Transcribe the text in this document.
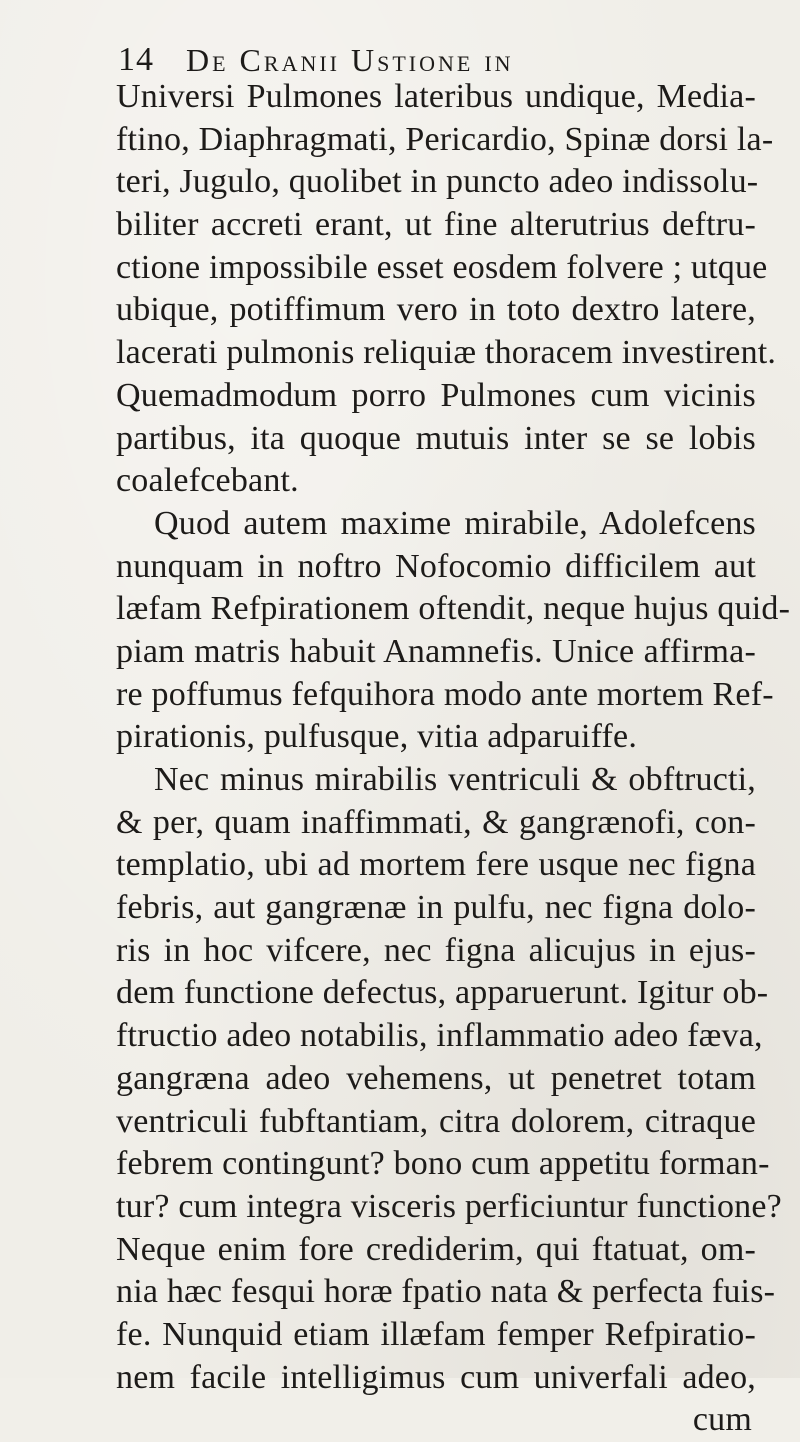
14 De Cranii Ustione in
Universi Pulmones lateribus undique, Media-
ftino, Diaphragmati, Pericardio, Spinæ dorsi la-
teri, Jugulo, quolibet in puncto adeo indissolu-
biliter accreti erant, ut fine alterutrius deftru-
ctione impossibile esset eosdem folvere ; utque
ubique, potiffimum vero in toto dextro latere,
lacerati pulmonis reliquiæ thoracem investirent.
Quemadmodum porro Pulmones cum vicinis
partibus, ita quoque mutuis inter se se lobis
coalefcebant.
Quod autem maxime mirabile, Adolefcens
nunquam in noftro Nofocomio difficilem aut
læfam Refpirationem oftendit, neque hujus quid-
piam matris habuit Anamnefis. Unice affirma-
re poffumus fefquihora modo ante mortem Ref-
pirationis, pulfusque, vitia adparuiffe.
Nec minus mirabilis ventriculi & obftructi,
& per, quam inaffimmati, & gangrænofi, con-
templatio, ubi ad mortem fere usque nec figna
febris, aut gangrænæ in pulfu, nec figna dolo-
ris in hoc vifcere, nec figna alicujus in ejus-
dem functione defectus, apparuerunt. Igitur ob-
ftructio adeo notabilis, inflammatio adeo fæva,
gangræna adeo vehemens, ut penetret totam
ventriculi fubftantiam, citra dolorem, citraque
febrem contingunt? bono cum appetitu forman-
tur? cum integra visceris perficiuntur functione?
Neque enim fore crediderim, qui ftatuat, om-
nia hæc fesqui horæ fpatio nata & perfecta fuis-
fe. Nunquid etiam illæfam femper Refpiratio-
nem facile intelligimus cum univerfali adeo,
cum
